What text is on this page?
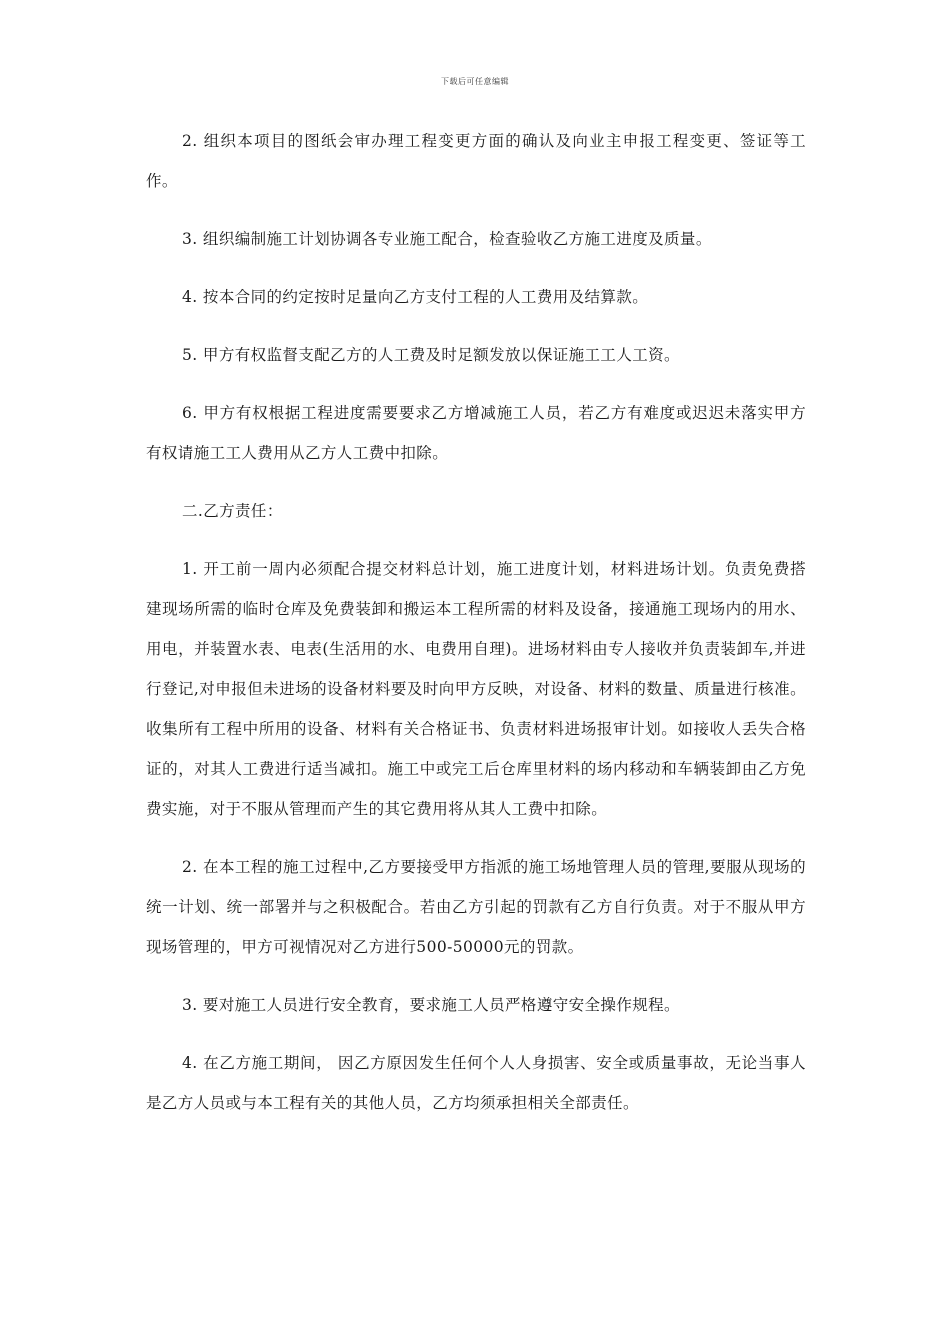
下载后可任意编辑

2. 组织本项目的图纸会审办理工程变更方面的确认及向业主申报工程变更、签证等工作。

3. 组织编制施工计划协调各专业施工配合，检查验收乙方施工进度及质量。

4. 按本合同的约定按时足量向乙方支付工程的人工费用及结算款。

5. 甲方有权监督支配乙方的人工费及时足额发放以保证施工工人工资。

6. 甲方有权根据工程进度需要要求乙方增减施工人员，若乙方有难度或迟迟未落实甲方有权请施工工人费用从乙方人工费中扣除。

二.乙方责任：

1. 开工前一周内必须配合提交材料总计划，施工进度计划，材料进场计划。负责免费搭建现场所需的临时仓库及免费装卸和搬运本工程所需的材料及设备，接通施工现场内的用水、用电，并装置水表、电表(生活用的水、电费用自理)。进场材料由专人接收并负责装卸车,并进行登记,对申报但未进场的设备材料要及时向甲方反映，对设备、材料的数量、质量进行核准。收集所有工程中所用的设备、材料有关合格证书、负责材料进场报审计划。如接收人丢失合格证的，对其人工费进行适当减扣。施工中或完工后仓库里材料的场内移动和车辆装卸由乙方免费实施，对于不服从管理而产生的其它费用将从其人工费中扣除。

2. 在本工程的施工过程中,乙方要接受甲方指派的施工场地管理人员的管理,要服从现场的统一计划、统一部署并与之积极配合。若由乙方引起的罚款有乙方自行负责。对于不服从甲方现场管理的，甲方可视情况对乙方进行500-50000元的罚款。

3. 要对施工人员进行安全教育，要求施工人员严格遵守安全操作规程。

4. 在乙方施工期间， 因乙方原因发生任何个人人身损害、安全或质量事故，无论当事人是乙方人员或与本工程有关的其他人员，乙方均须承担相关全部责任。
